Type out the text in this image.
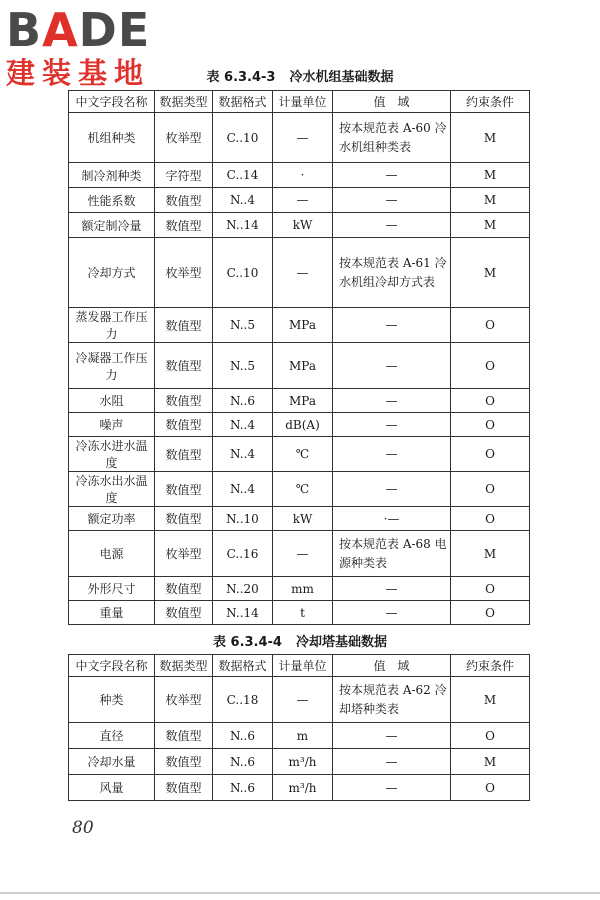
BADE
建装基地	表 6.3.4-3 冷水机组基础数据
中文字段名称	数据类型	数据格式	计量单位	值　域	约束条件
机组种类	枚举型	C..10	—	按本规范表 A-60 冷水机组种类表	M
制冷剂种类	字符型	C..14	·	—	M
性能系数	数值型	N..4	—	—	M
额定制冷量	数值型	N..14	kW	—	M
冷却方式	枚举型	C..10	—	按本规范表 A-61 冷水机组冷却方式表	M
蒸发器工作压力	数值型	N..5	MPa	—	O
冷凝器工作压力	数值型	N..5	MPa	—	O
水阻	数值型	N..6	MPa	—	O
噪声	数值型	N..4	dB(A)	—	O
冷冻水进水温度	数值型	N..4	℃	—	O
冷冻水出水温度	数值型	N..4	℃	—	O
额定功率	数值型	N..10	kW	·—	O
电源	枚举型	C..16	—	按本规范表 A-68 电源种类表	M
外形尺寸	数值型	N..20	mm	—	O
重量	数值型	N..14	t	—	O
表 6.3.4-4 冷却塔基础数据
中文字段名称	数据类型	数据格式	计量单位	值　域	约束条件
种类	枚举型	C..18	—	按本规范表 A-62 冷却塔种类表	M
直径	数值型	N..6	m	—	O
冷却水量	数值型	N..6	m³/h	—	M
风量	数值型	N..6	m³/h	—	O
80
